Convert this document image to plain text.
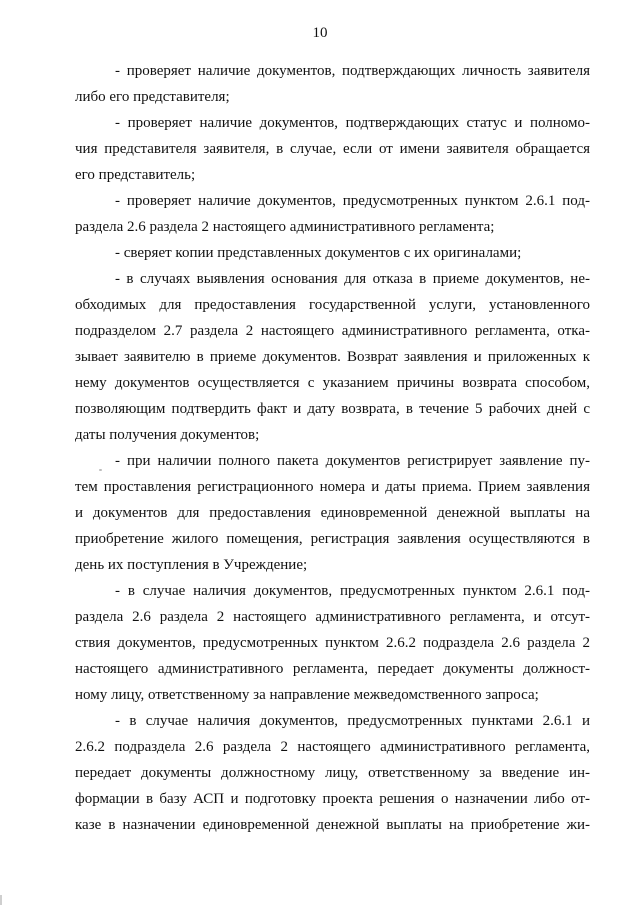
10
- проверяет наличие документов, подтверждающих личность заявителя
либо его представителя;
- проверяет наличие документов, подтверждающих статус и полномо-
чия представителя заявителя, в случае, если от имени заявителя обращается
его представитель;
- проверяет наличие документов, предусмотренных пунктом 2.6.1 под-
раздела 2.6 раздела 2 настоящего административного регламента;
- сверяет копии представленных документов с их оригиналами;
- в случаях выявления основания для отказа в приеме документов, не-
обходимых для предоставления государственной услуги, установленного
подразделом 2.7 раздела 2 настоящего административного регламента, отка-
зывает заявителю в приеме документов. Возврат заявления и приложенных к
нему документов осуществляется с указанием причины возврата способом,
позволяющим подтвердить факт и дату возврата, в течение 5 рабочих дней с
даты получения документов;
- при наличии полного пакета документов регистрирует заявление пу-
тем проставления регистрационного номера и даты приема. Прием заявления
и документов для предоставления единовременной денежной выплаты на
приобретение жилого помещения, регистрация заявления осуществляются в
день их поступления в Учреждение;
- в случае наличия документов, предусмотренных пунктом 2.6.1 под-
раздела 2.6 раздела 2 настоящего административного регламента, и отсут-
ствия документов, предусмотренных пунктом 2.6.2 подраздела 2.6 раздела 2
настоящего административного регламента, передает документы должност-
ному лицу, ответственному за направление межведомственного запроса;
- в случае наличия документов, предусмотренных пунктами 2.6.1 и
2.6.2 подраздела 2.6 раздела 2 настоящего административного регламента,
передает документы должностному лицу, ответственному за введение ин-
формации в базу АСП и подготовку проекта решения о назначении либо от-
казе в назначении единовременной денежной выплаты на приобретение жи-
